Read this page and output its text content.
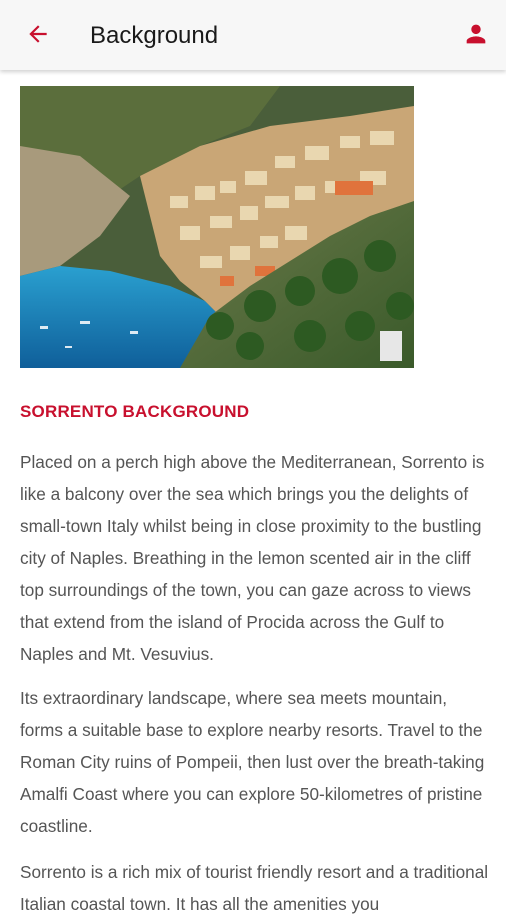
Background
SORRENTO BACKGROUND

Placed on a perch high above the Mediterranean, Sorrento is like a balcony over the sea which brings you the delights of small-town Italy whilst being in close proximity to the bustling city of Naples. Breathing in the lemon scented air in the cliff top surroundings of the town, you can gaze across to views that extend from the island of Procida across the Gulf to Naples and Mt. Vesuvius.

Its extraordinary landscape, where sea meets mountain, forms a suitable base to explore nearby resorts. Travel to the Roman City ruins of Pompeii, then lust over the breath-taking Amalfi Coast where you can explore 50-kilometres of pristine coastline.

Sorrento is a rich mix of tourist friendly resort and a traditional Italian coastal town. It has all the amenities you
